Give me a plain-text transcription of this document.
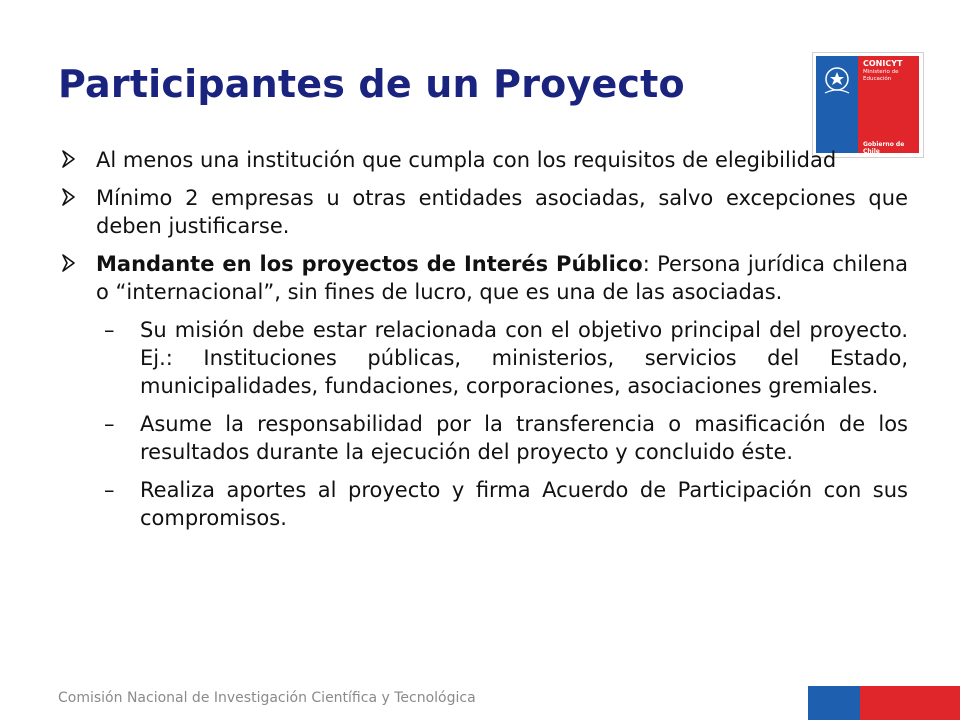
Participantes de un Proyecto	CONICYT
Ministerio de Educación
Gobierno de Chile
Al menos una institución que cumpla con los requisitos de elegibilidad
Mínimo 2 empresas u otras entidades asociadas, salvo excepciones que deben justificarse.
Mandante en los proyectos de Interés Público: Persona jurídica chilena o “internacional”, sin fines de lucro, que es una de las asociadas.
– Su misión debe estar relacionada con el objetivo principal del proyecto. Ej.: Instituciones públicas, ministerios, servicios del Estado, municipalidades, fundaciones, corporaciones, asociaciones gremiales.
– Asume la responsabilidad por la transferencia o masificación de los resultados durante la ejecución del proyecto y concluido éste.
– Realiza aportes al proyecto y firma Acuerdo de Participación con sus compromisos.
Comisión Nacional de Investigación Científica y Tecnológica
